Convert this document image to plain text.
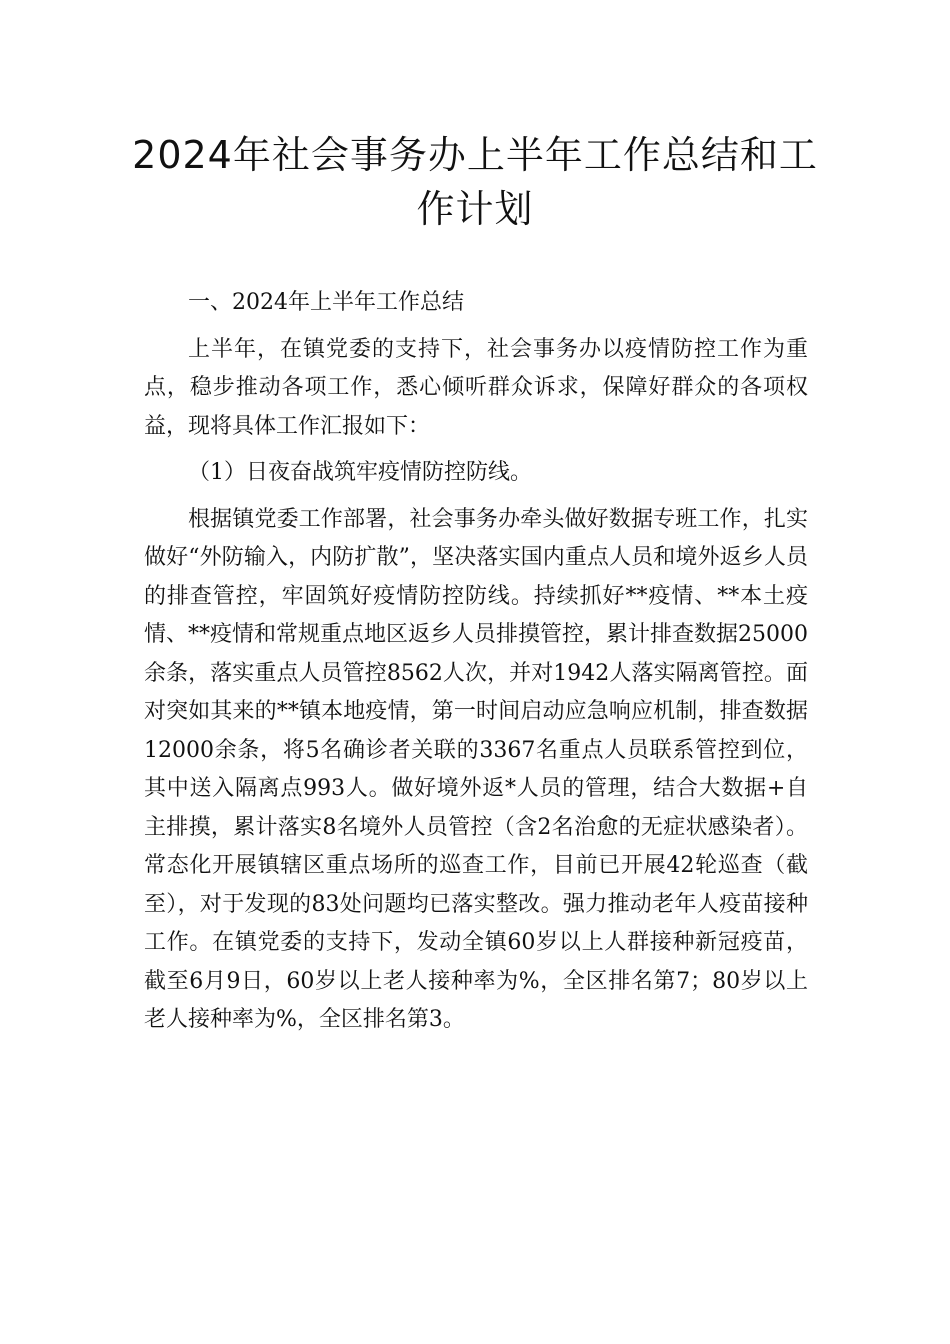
2024年社会事务办上半年工作总结和工作计划

一、2024年上半年工作总结

上半年，在镇党委的支持下，社会事务办以疫情防控工作为重点，稳步推动各项工作，悉心倾听群众诉求，保障好群众的各项权益，现将具体工作汇报如下：

（1）日夜奋战筑牢疫情防控防线。

根据镇党委工作部署，社会事务办牵头做好数据专班工作，扎实做好“外防输入，内防扩散”，坚决落实国内重点人员和境外返乡人员的排查管控，牢固筑好疫情防控防线。持续抓好**疫情、**本土疫情、**疫情和常规重点地区返乡人员排摸管控，累计排查数据25000余条，落实重点人员管控8562人次，并对1942人落实隔离管控。面对突如其来的**镇本地疫情，第一时间启动应急响应机制，排查数据12000余条，将5名确诊者关联的3367名重点人员联系管控到位，其中送入隔离点993人。做好境外返*人员的管理，结合大数据+自主排摸，累计落实8名境外人员管控（含2名治愈的无症状感染者）。常态化开展镇辖区重点场所的巡查工作，目前已开展42轮巡查（截至），对于发现的83处问题均已落实整改。强力推动老年人疫苗接种工作。在镇党委的支持下，发动全镇60岁以上人群接种新冠疫苗，截至6月9日，60岁以上老人接种率为%，全区排名第7；80岁以上老人接种率为%，全区排名第3。
